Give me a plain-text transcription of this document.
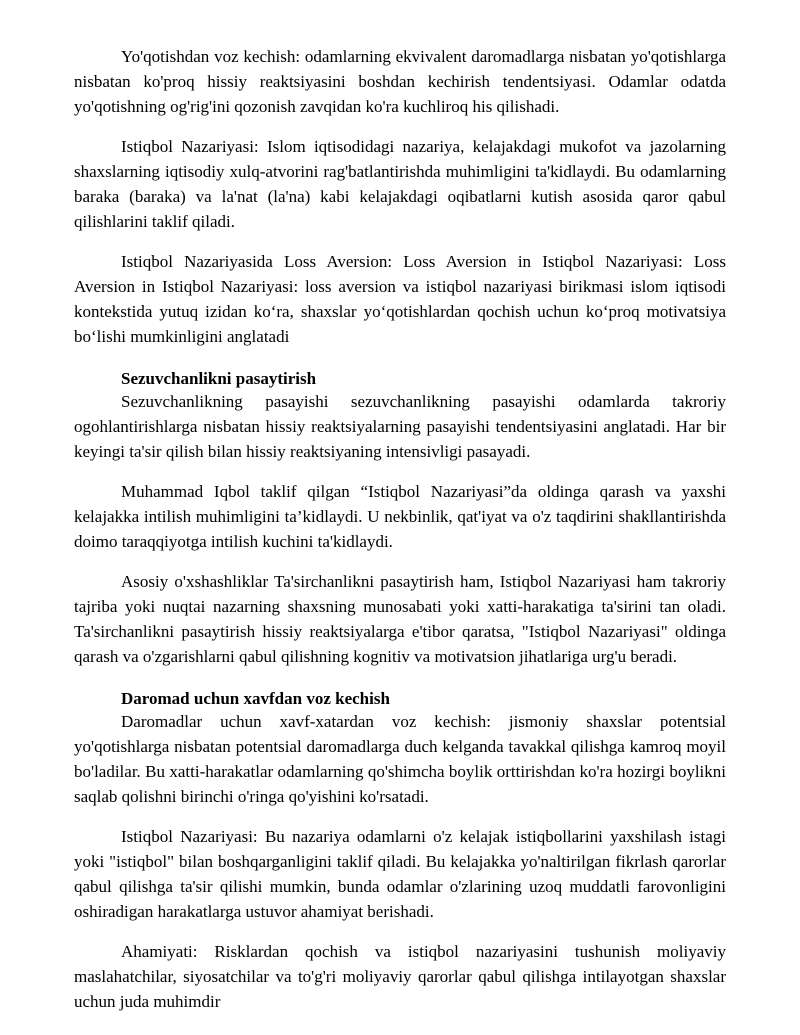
Yo'qotishdan voz kechish: odamlarning ekvivalent daromadlarga nisbatan yo'qotishlarga nisbatan ko'proq hissiy reaktsiyasini boshdan kechirish tendentsiyasi. Odamlar odatda yo'qotishning og'rig'ini qozonish zavqidan ko'ra kuchliroq his qilishadi.

Istiqbol Nazariyasi: Islom iqtisodidagi nazariya, kelajakdagi mukofot va jazolarning shaxslarning iqtisodiy xulq-atvorini rag'batlantirishda muhimligini ta'kidlaydi. Bu odamlarning baraka (baraka) va la'nat (la'na) kabi kelajakdagi oqibatlarni kutish asosida qaror qabul qilishlarini taklif qiladi.

Istiqbol Nazariyasida Loss Aversion: Loss Aversion in Istiqbol Nazariyasi: Loss Aversion in Istiqbol Nazariyasi: loss aversion va istiqbol nazariyasi birikmasi islom iqtisodi kontekstida yutuq izidan ko‘ra, shaxslar yo‘qotishlardan qochish uchun ko‘proq motivatsiya bo‘lishi mumkinligini anglatadi

Sezuvchanlikni pasaytirish

Sezuvchanlikning pasayishi sezuvchanlikning pasayishi odamlarda takroriy ogohlantirishlarga nisbatan hissiy reaktsiyalarning pasayishi tendentsiyasini anglatadi. Har bir keyingi ta'sir qilish bilan hissiy reaktsiyaning intensivligi pasayadi.

Muhammad Iqbol taklif qilgan “Istiqbol Nazariyasi”da oldinga qarash va yaxshi kelajakka intilish muhimligini ta’kidlaydi. U nekbinlik, qat'iyat va o'z taqdirini shakllantirishda doimo taraqqiyotga intilish kuchini ta'kidlaydi.

Asosiy o'xshashliklar Ta'sirchanlikni pasaytirish ham, Istiqbol Nazariyasi ham takroriy tajriba yoki nuqtai nazarning shaxsning munosabati yoki xatti-harakatiga ta'sirini tan oladi. Ta'sirchanlikni pasaytirish hissiy reaktsiyalarga e'tibor qaratsa, "Istiqbol Nazariyasi" oldinga qarash va o'zgarishlarni qabul qilishning kognitiv va motivatsion jihatlariga urg'u beradi.

Daromad uchun xavfdan voz kechish

Daromadlar uchun xavf-xatardan voz kechish: jismoniy shaxslar potentsial yo'qotishlarga nisbatan potentsial daromadlarga duch kelganda tavakkal qilishga kamroq moyil bo'ladilar. Bu xatti-harakatlar odamlarning qo'shimcha boylik orttirishdan ko'ra hozirgi boylikni saqlab qolishni birinchi o'ringa qo'yishini ko'rsatadi.

Istiqbol Nazariyasi: Bu nazariya odamlarni o'z kelajak istiqbollarini yaxshilash istagi yoki "istiqbol" bilan boshqarganligini taklif qiladi. Bu kelajakka yo'naltirilgan fikrlash qarorlar qabul qilishga ta'sir qilishi mumkin, bunda odamlar o'zlarining uzoq muddatli farovonligini oshiradigan harakatlarga ustuvor ahamiyat berishadi.

Ahamiyati: Risklardan qochish va istiqbol nazariyasini tushunish moliyaviy maslahatchilar, siyosatchilar va to'g'ri moliyaviy qarorlar qabul qilishga intilayotgan shaxslar uchun juda muhimdir
